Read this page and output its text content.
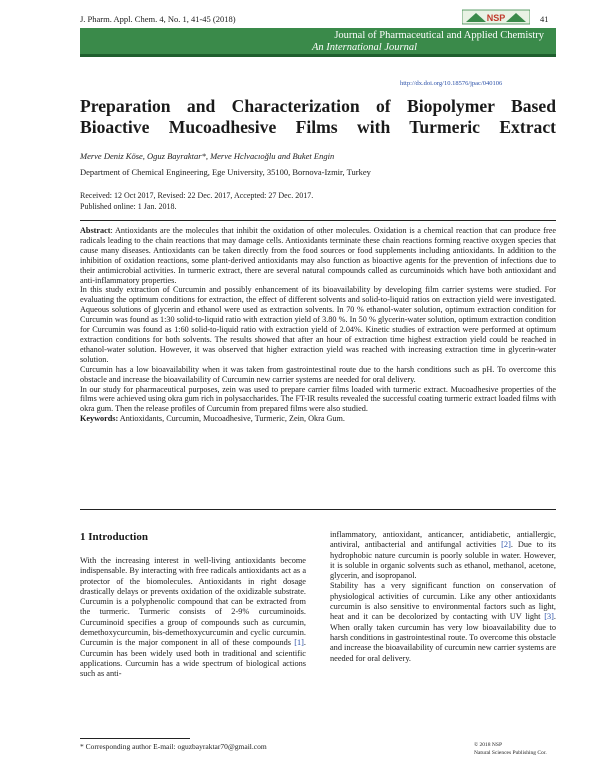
J. Pharm. Appl. Chem. 4, No. 1, 41-45 (2018)	NSP	41
Journal of Pharmaceutical and Applied Chemistry
An International Journal
http://dx.doi.org/10.18576/jpac/040106
Preparation and Characterization of Biopolymer Based
Bioactive Mucoadhesive Films with Turmeric Extract
Merve Deniz Köse, Oguz Bayraktar*, Merve Hclvacıoğlu and Buket Engin
Department of Chemical Engineering, Ege University, 35100, Bornova-Izmir, Turkey
Received: 12 Oct 2017, Revised: 22 Dec. 2017, Accepted: 27 Dec. 2017.
Published online: 1 Jan. 2018.

Abstract: Antioxidants are the molecules that inhibit the oxidation of other molecules. Oxidation is a chemical reaction that can produce free radicals leading to the chain reactions that may damage cells. Antioxidants terminate these chain reactions forming reactive oxygen species that cause many diseases. Antioxidants can be taken directly from the food sources or food supplements including antioxidants. In addition to the inhibition of oxidation reactions, some plant-derived antioxidants may also function as bioactive agents for the prevention of infections due to their antimicrobial activities. In turmeric extract, there are several natural compounds called as curcuminoids which have both antioxidant and anti-inflammatory properties.

In this study extraction of Curcumin and possibly enhancement of its bioavailability by developing film carrier systems were studied. For evaluating the optimum conditions for extraction, the effect of different solvents and solid-to-liquid ratios on extraction yield were investigated. Aqueous solutions of glycerin and ethanol were used as extraction solvents. In 70 % ethanol-water solution, optimum extraction condition for Curcumin was found as 1:30 solid-to-liquid ratio with extraction yield of 3.80 %. In 50 % glycerin-water solution, optimum extraction condition for Curcumin was found as 1:60 solid-to-liquid ratio with extraction yield of 2.04%. Kinetic studies of extraction were performed at optimum extraction conditions for both solvents. The results showed that after an hour of extraction time highest extraction yield could be reached in ethanol-water solution. However, it was observed that higher extraction yield was reached with increasing extraction time in glycerin-water solution.

Curcumin has a low bioavailability when it was taken from gastrointestinal route due to the harsh conditions such as pH. To overcome this obstacle and increase the bioavailability of Curcumin new carrier systems are needed for oral delivery.

In our study for pharmaceutical purposes, zein was used to prepare carrier films loaded with turmeric extract. Mucoadhesive properties of the films were achieved using okra gum rich in polysaccharides. The FT-IR results revealed the successful coating turmeric extract loaded films with okra gum. Then the release profiles of Curcumin from prepared films were also studied.

Keywords: Antioxidants, Curcumin, Mucoadhesive, Turmeric, Zein, Okra Gum.

1 Introduction

With the increasing interest in well-living antioxidants become indispensable. By interacting with free radicals antioxidants act as a protector of the biomolecules. Antioxidants in right dosage drastically delays or prevents oxidation of the oxidizable substrate. Curcumin is a polyphenolic compound that can be extracted from the turmeric. Turmeric consists of 2-9% curcuminoids. Curcuminoid specifies a group of compounds such as curcumin, demethoxycurcumin, bis-demethoxycurcumin and cyclic curcumin. Curcumin is the major component in all of these compounds [1]. Curcumin has been widely used both in traditional and scientific applications. Curcumin has a wide spectrum of biological actions such as anti-

inflammatory, antioxidant, anticancer, antidiabetic, antiallergic, antiviral, antibacterial and antifungal activities [2]. Due to its hydrophobic nature curcumin is poorly soluble in water. However, it is soluble in organic solvents such as ethanol, methanol, acetone, glycerin, and isopropanol.

Stability has a very significant function on conservation of physiological activities of curcumin. Like any other antioxidants curcumin is also sensitive to environmental factors such as light, heat and it can be decolorized by contacting with UV light [3]. When orally taken curcumin has very low bioavailability due to harsh conditions in gastrointestinal route. To overcome this obstacle and increase the bioavailability of curcumin new carrier systems are needed for oral delivery.

* Corresponding author E-mail: oguzbayraktar70@gmail.com	© 2018 NSP
Natural Sciences Publishing Cor.
